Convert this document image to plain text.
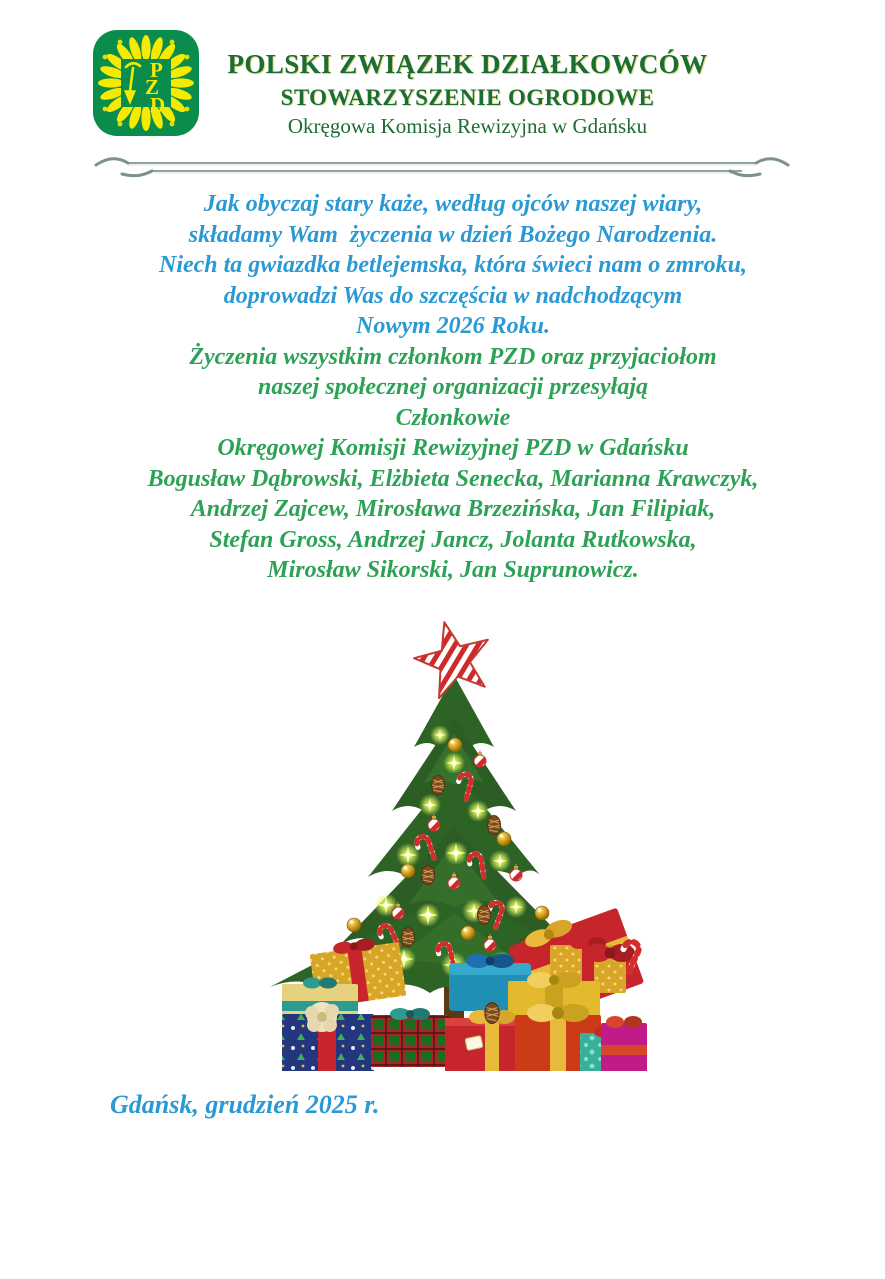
P
Z
D
POLSKI ZWIĄZEK DZIAŁKOWCÓW
STOWARZYSZENIE OGRODOWE
Okręgowa Komisja Rewizyjna w Gdańsku
Jak obyczaj stary każe, według ojców naszej wiary,
składamy Wam  życzenia w dzień Bożego Narodzenia.
Niech ta gwiazdka betlejemska, która świeci nam o zmroku,
doprowadzi Was do szczęścia w nadchodzącym
Nowym 2026 Roku.
Życzenia wszystkim członkom PZD oraz przyjaciołom
naszej społecznej organizacji przesyłają
Członkowie
Okręgowej Komisji Rewizyjnej PZD w Gdańsku
Bogusław Dąbrowski, Elżbieta Senecka, Marianna Krawczyk,
Andrzej Zajcew, Mirosława Brzezińska, Jan Filipiak,
Stefan Gross, Andrzej Jancz, Jolanta Rutkowska,
Mirosław Sikorski, Jan Suprunowicz.
Gdańsk, grudzień 2025 r.
